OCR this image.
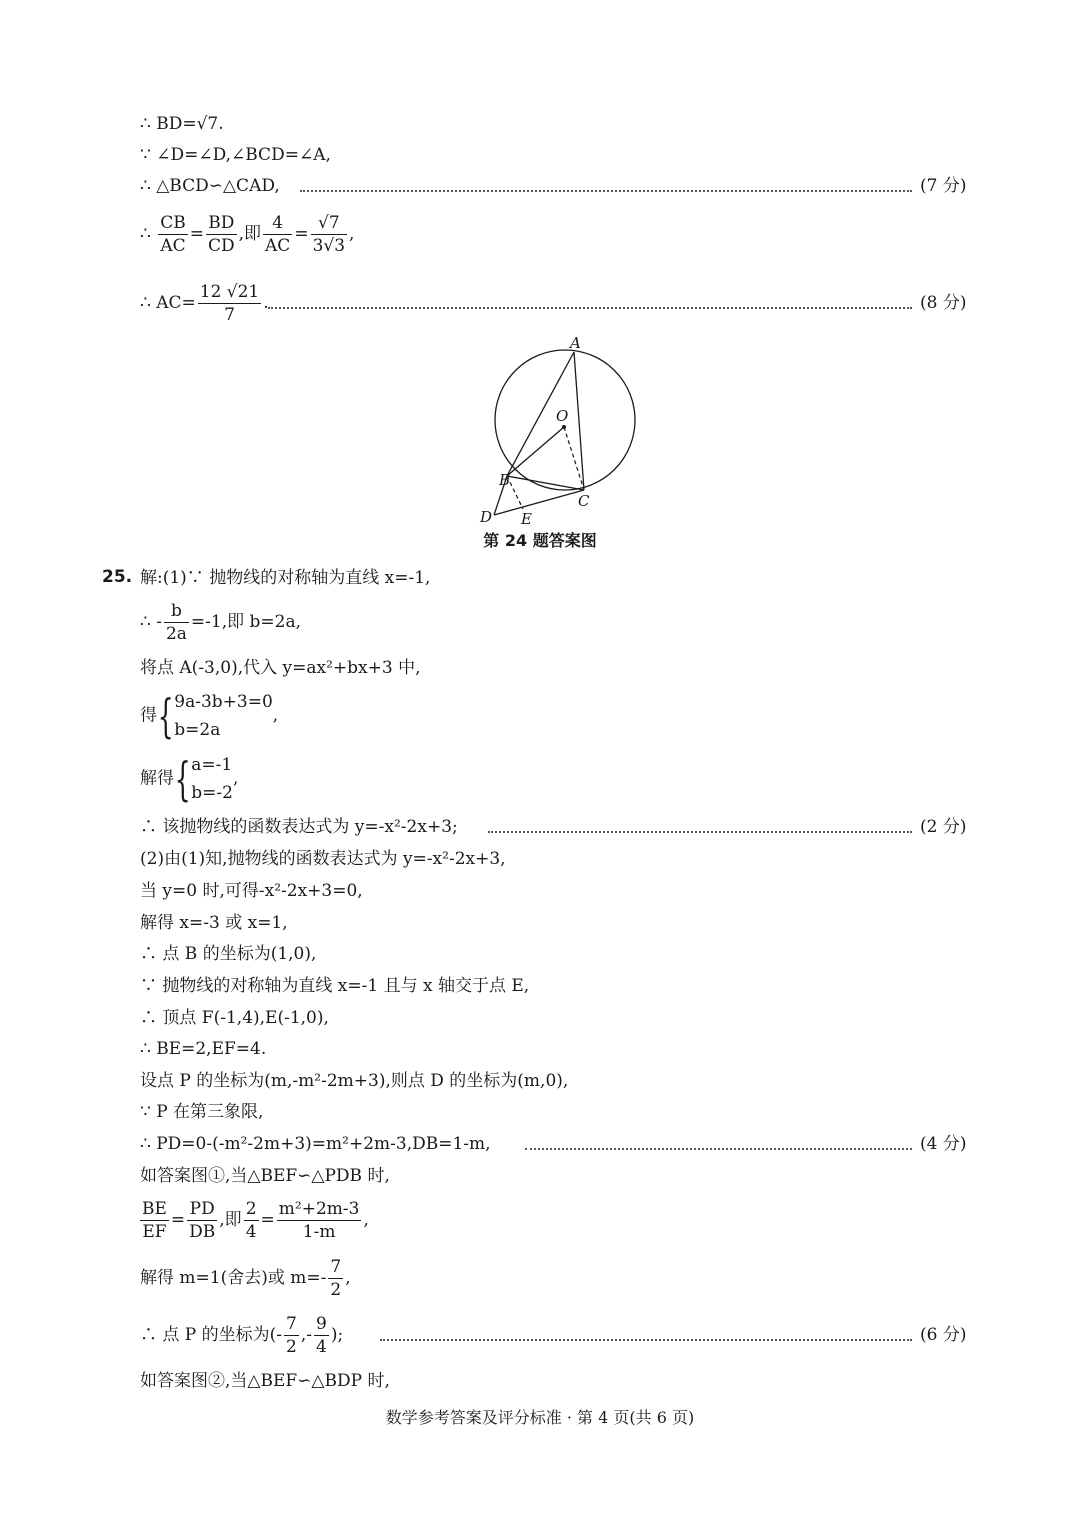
∴ BD=√7.
∵ ∠D=∠D,∠BCD=∠A,
∴ △BCD∽△CAD,	(7 分)
∴ $\frac{CB}{AC} = \frac{BD}{CD}$ ,即 $\frac{4}{AC} = \frac{√7}{3√3}$ ,
∴ $AC= \frac{12 √21}{7}$ .	(8 分)
A
O
B
C
D E
第 24 题答案图
25. 解:(1)∵ 抛物线的对称轴为直线 x=-1,
∴ - $\frac{b}{2a} =-1$,即 b=2a,
将点 A(-3,0),代入 y=ax²+bx+3 中,
得{ 9a-3b+3=0
b=2a
,
解得{ a=-1
b=-2
,
∴ 该抛物线的函数表达式为 y=-x²-2x+3;	(2 分)
(2)由(1)知,抛物线的函数表达式为 y=-x²-2x+3,
当 y=0 时,可得-x²-2x+3=0,
解得 x=-3 或 x=1,
∴ 点 B 的坐标为(1,0),
∵ 抛物线的对称轴为直线 x=-1 且与 x 轴交于点 E,
∴ 顶点 F(-1,4),E(-1,0),
∴ BE=2,EF=4.
设点 P 的坐标为(m,-m²-2m+3),则点 D 的坐标为(m,0),
∵ P 在第三象限,
∴ PD=0-(-m²-2m+3)=m²+2m-3,DB=1-m,	(4 分)
如答案图①,当△BEF∽△PDB 时,
$\frac{BE}{EF} = \frac{PD}{DB}$ ,即 $\frac{2}{4} = \frac{\text{m²+2m-3}}{1-m}$ ,
解得 m=1(舍去)或 $m=- \frac{7}{2}$ ,
∴ 点 P 的坐标为(- $\frac{7}{2}$ ,- $\frac{9}{4}$ );	(6 分)
如答案图②,当△BEF∽△BDP 时,
数学参考答案及评分标准 · 第 4 页(共 6 页)
